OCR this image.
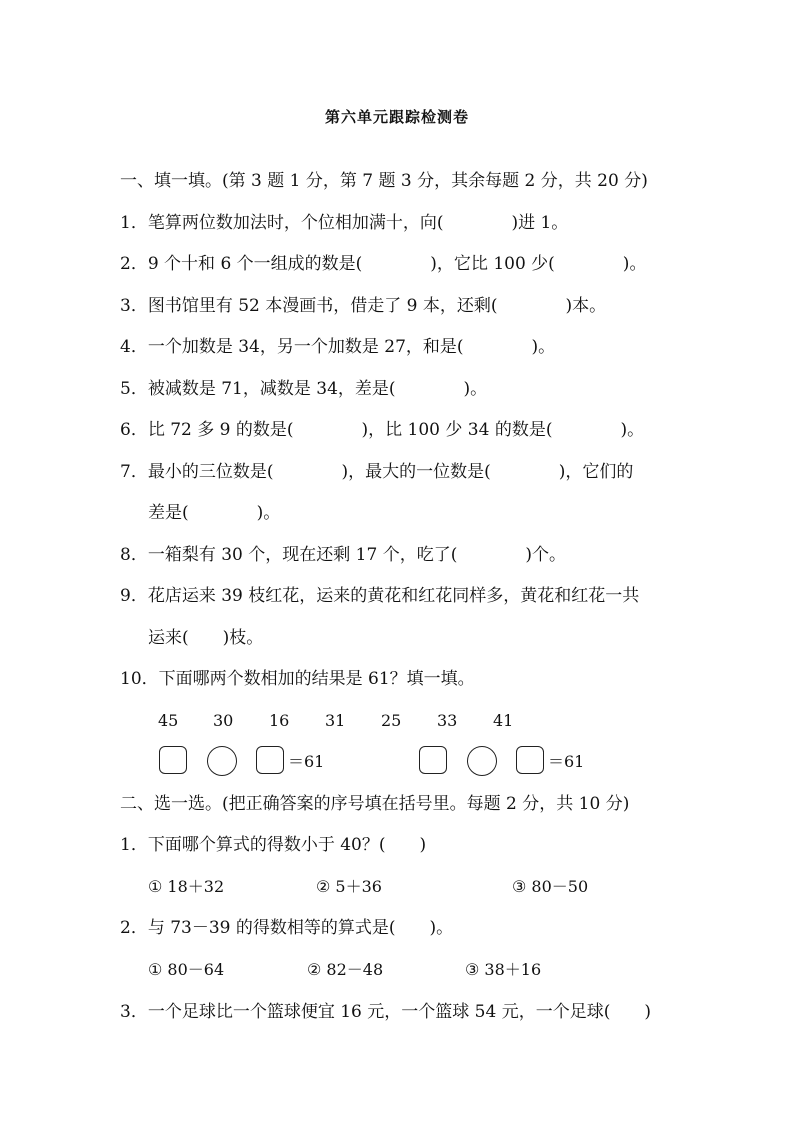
第六单元跟踪检测卷
一、填一填。(第 3 题 1 分，第 7 题 3 分，其余每题 2 分，共 20 分)
1．笔算两位数加法时，个位相加满十，向(　　　　)进 1。
2．9 个十和 6 个一组成的数是(　　　　)，它比 100 少(　　　　)。
3．图书馆里有 52 本漫画书，借走了 9 本，还剩(　　　　)本。
4．一个加数是 34，另一个加数是 27，和是(　　　　)。
5．被减数是 71，减数是 34，差是(　　　　)。
6．比 72 多 9 的数是(　　　　)，比 100 少 34 的数是(　　　　)。
7．最小的三位数是(　　　　)，最大的一位数是(　　　　)，它们的
差是(　　　　)。
8．一箱梨有 30 个，现在还剩 17 个，吃了(　　　　)个。
9．花店运来 39 枝红花，运来的黄花和红花同样多，黄花和红花一共
运来(　　)枝。
10．下面哪两个数相加的结果是 61？填一填。
45 30 16 31 25 33 41
＝61	＝61
二、选一选。(把正确答案的序号填在括号里。每题 2 分，共 10 分)
1．下面哪个算式的得数小于 40？(　　)
① 18＋32	② 5＋36	③ 80－50
2．与 73－39 的得数相等的算式是(　　)。
① 80－64	② 82－48	③ 38＋16
3．一个足球比一个篮球便宜 16 元，一个篮球 54 元，一个足球(　　)
